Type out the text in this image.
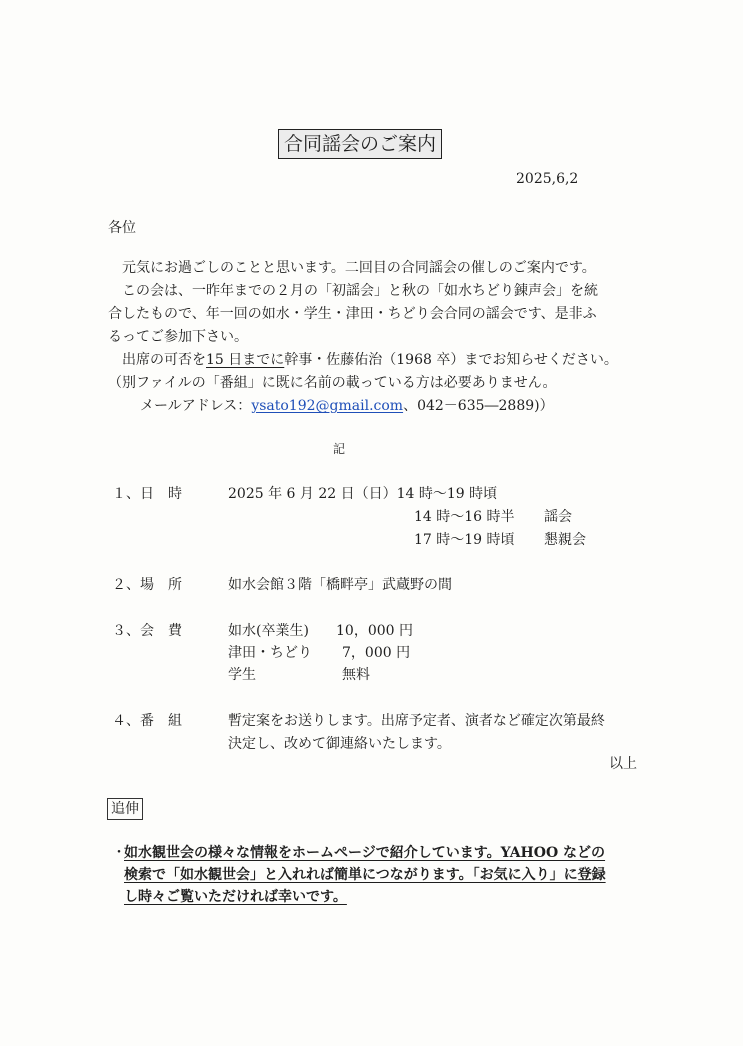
合同謡会のご案内
2025,6,2
各位
元気にお過ごしのことと思います。二回目の合同謡会の催しのご案内です。
この会は、一昨年までの２月の「初謡会」と秋の「如水ちどり錬声会」を統
合したもので、年一回の如水・学生・津田・ちどり会合同の謡会です、是非ふ
るってご参加下さい。
出席の可否を15 日までに幹事・佐藤佑治（1968 卒）までお知らせください。
（別ファイルの「番組」に既に名前の載っている方は必要ありません。
メールアドレス：ysato192@gmail.com、042－635―2889)）
記
１、日　時	2025 年 6 月 22 日（日）14 時～19 時頃
14 時～16 時半 謡会
17 時～19 時頃 懇親会
２、場　所	如水会館３階「橋畔亭」武蔵野の間
３、会　費	如水(卒業生) 10，000 円
津田・ちどり 7，000 円
学生	無料
４、番　組	暫定案をお送りします。出席予定者、演者など確定次第最終
決定し、改めて御連絡いたします。
以上
追伸
・如水観世会の様々な情報をホームページで紹介しています。YAHOO などの
検索で「如水観世会」と入れれば簡単につながります。「お気に入り」に登録
し時々ご覧いただければ幸いです。
